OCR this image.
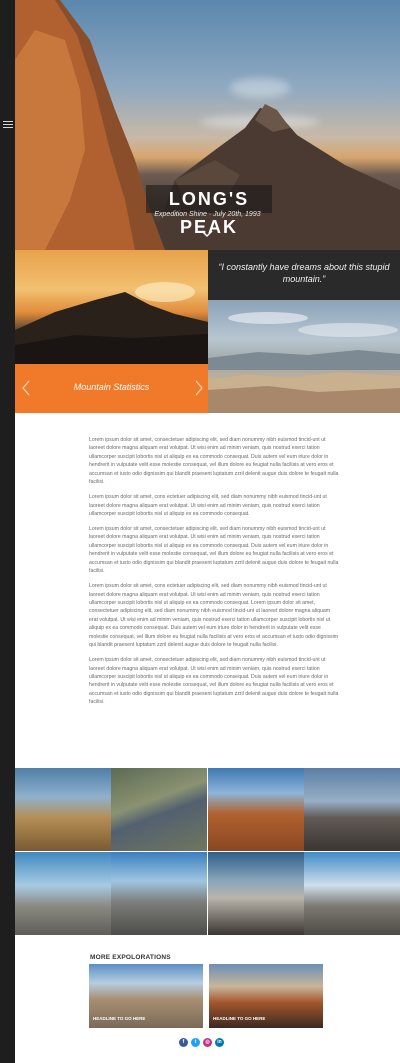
LONG'S PEAK
Expedition Shine · July 20th, 1993
“I constantly have dreams about this stupid mountain.”
Mountain Statistics

Lorem ipsum dolor sit amet, consectetuer adipiscing elit, sed diam nonummy nibh euismod tincid-unt ut laoreet dolore magna aliquam erat volutpat. Ut wisi enim ad minim veniam, quis nostrud exerci tation ullamcorper suscipit lobortis nisl ut aliquip ex ea commodo consequat. Duis autem vel eum iriure dolor in hendrerit in vulputate velit esse molestie consequat, vel illum dolore eu feugiat nulla facilisis at vero eros et accumsan et iusto odio dignissim qui blandit praesent luptatum zzril delenit augue duis dolore te feugait nulla facilisi.

Lorem ipsum dolor sit amet, cons ectetuer adipiscing elit, sed diam nonummy nibh euismod tincid-unt ut laoreet dolore magna aliquam erat volutpat. Ut wisi enim ad minim veniam, quis nostrud exerci tation ullamcorper suscipit lobortis nisl ut aliquip ex ea commodo consequat.

Lorem ipsum dolor sit amet, consectetuer adipiscing elit, sed diam nonummy nibh euismod tincid-unt ut laoreet dolore magna aliquam erat volutpat. Ut wisi enim ad minim veniam, quis nostrud exerci tation ullamcorper suscipit lobortis nisl ut aliquip ex ea commodo consequat. Duis autem vel eum iriure dolor in hendrerit in vulputate velit esse molestie consequat, vel illum dolore eu feugiat nulla facilisis at vero eros et accumsan et iusto odio dignissim qui blandit praesent luptatum zzril delenit augue duis dolore te feugait nulla facilisi.

Lorem ipsum dolor sit amet, cons ectetuer adipiscing elit, sed diam nonummy nibh euismod tincid-unt ut laoreet dolore magna aliquam erat volutpat. Ut wisi enim ad minim veniam, quis nostrud exerci tation ullamcorper suscipit lobortis nisl ut aliquip ex ea commodo consequat. Lorem ipsum dolor sit amet, consectetuer adipiscing elit, sed diam nonummy nibh euismod tincid-unt ut laoreet dolore magna aliquam erat volutpat. Ut wisi enim ad minim veniam, quis nostrud exerci tation ullamcorper suscipit lobortis nisl ut aliquip ex ea commodo consequat. Duis autem vel eum iriure dolor in hendrerit in vulputate velit esse molestie consequat, vel illum dolore eu feugiat nulla facilisis at vero eros et accumsan et iusto odio dignissim qui blandit praesent luptatum zzril delenit augue duis dolore te feugait nulla facilisi.

Lorem ipsum dolor sit amet, consectetuer adipiscing elit, sed diam nonummy nibh euismod tincid-unt ut laoreet dolore magna aliquam erat volutpat. Ut wisi enim ad minim veniam, quis nostrud exerci tation ullamcorper suscipit lobortis nisl ut aliquip ex ea commodo consequat. Duis autem vel eum iriure dolor in hendrerit in vulputate velit esse molestie consequat, vel illum dolore eu feugiat nulla facilisis at vero eros et accumsan et iusto odio dignissim qui blandit praesent luptatum zzril delenit augue duis dolore te feugait nulla facilisi.

MORE EXPOLORATIONS
HEADLINE TO GO HERE	HEADLINE TO GO HERE
f	t	◎	in
